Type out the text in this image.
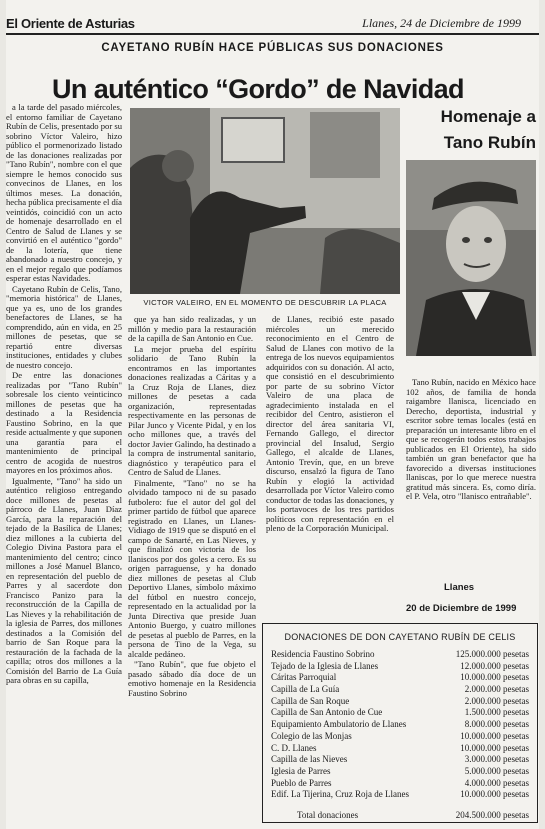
El Oriente de Asturias	Llanes, 24 de Diciembre de 1999
CAYETANO RUBÍN HACE PÚBLICAS SUS DONACIONES
Un auténtico “Gordo” de Navidad
Homenaje a
Tano Rubín

a la tarde del pasado miércoles, el entorno familiar de Cayetano Rubín de Celis, presentado por su sobrino Víctor Valeiro, hizo público el pormenorizado listado de las donaciones realizadas por "Tano Rubín", nombre con el que siempre le hemos conocido sus convecinos de Llanes, en los últimos meses. La donación, hecha pública precisamente el día veintidós, coincidió con un acto de homenaje desarrollado en el Centro de Salud de Llanes y se convirtió en el auténtico "gordo" de la lotería, que tiene abandonado a nuestro concejo, y en el mejor regalo que podíamos esperar estas Navidades.

Cayetano Rubín de Celis, Tano, "memoria histórica" de Llanes, que ya es, uno de los grandes benefactores de Llanes, se ha comprendido, aún en vida, en 25 millones de pesetas, que se repartió entre diversas instituciones, entidades y clubes de nuestro concejo.

De entre las donaciones realizadas por "Tano Rubín" sobresale los ciento veinticinco millones de pesetas que ha destinado a la Residencia Faustino Sobrino, en la que reside actualmente y que suponen una garantía para el mantenimiento de principal centro de acogida de nuestros mayores en los próximos años.

Igualmente, "Tano" ha sido un auténtico religioso entregando doce millones de pesetas al párroco de Llanes, Juan Díaz García, para la reparación del tejado de la Basílica de Llanes; diez millones a la cubierta del Colegio Divina Pastora para el mantenimiento del centro; cinco millones a José Manuel Blanco, en representación del pueblo de Parres y al sacerdote don Francisco Panizo para la reconstrucción de la Capilla de Las Nieves y la rehabilitación de la iglesia de Parres, dos millones destinados a la Comisión del barrio de San Roque para la restauración de la fachada de la capilla; otros dos millones a la Comisión del Barrio de La Guía para obras en su capilla,

VICTOR VALEIRO, EN EL MOMENTO DE DESCUBRIR LA PLACA

que ya han sido realizadas, y un millón y medio para la restauración de la capilla de San Antonio en Cue.

La mejor prueba del espíritu solidario de Tano Rubín la encontramos en las importantes donaciones realizadas a Cáritas y a la Cruz Roja de Llanes, diez millones de pesetas a cada organización, representadas respectivamente en las personas de Pilar Junco y Vicente Pidal, y en los ocho millones que, a través del doctor Javier Galindo, ha destinado a la compra de instrumental sanitario, diagnóstico y terapéutico para el Centro de Salud de Llanes.

Finalmente, "Tano" no se ha olvidado tampoco ni de su pasado futbolero: fue el autor del gol del primer partido de fútbol que aparece registrado en Llanes, un Llanes-Vidiago de 1919 que se disputó en el campo de Sanarté, en Las Nieves, y que finalizó con victoria de los llaniscos por dos goles a cero. Es su origen parraguense, y ha donado diez millones de pesetas al Club Deportivo Llanes, símbolo máximo del fútbol en nuestro concejo, representado en la actualidad por la Junta Directiva que preside Juan Antonio Buergo, y cuatro millones de pesetas al pueblo de Parres, en la persona de Tino de la Vega, su alcalde pedáneo.

"Tano Rubín", que fue objeto el pasado sábado día doce de un emotivo homenaje en la Residencia Faustino Sobrino

de Llanes, recibió este pasado miércoles un merecido reconocimiento en el Centro de Salud de Llanes con motivo de la entrega de los nuevos equipamientos adquiridos con su donación. Al acto, que consistió en el descubrimiento por parte de su sobrino Víctor Valeiro de una placa de agradecimiento instalada en el recibidor del Centro, asistieron el director del área sanitaria VI, Fernando Gallego, el director provincial del Insalud, Sergio Gallego, el alcalde de Llanes, Antonio Trevín, que, en un breve discurso, ensalzó la figura de Tano Rubín y elogió la actividad desarrollada por Víctor Valeiro como conductor de todas las donaciones, y los portavoces de los tres partidos políticos con representación en el pleno de la Corporación Municipal.

Tano Rubín, nacido en México hace 102 años, de familia de honda raigambre llanisca, licenciado en Derecho, deportista, industrial y escritor sobre temas locales (está en preparación un interesante libro en el que se recogerán todos estos trabajos publicados en El Oriente), ha sido también un gran benefactor que ha favorecido a diversas instituciones llaniscas, por lo que merece nuestra gratitud más sincera. Es, como diría. el P. Vela, otro "llanisco entrañable".

Llanes
20 de Diciembre de 1999
DONACIONES DE DON CAYETANO RUBÍN DE CELIS
Residencia Faustino Sobrino	125.000.000 pesetas
Tejado de la Iglesia de Llanes	12.000.000 pesetas
Cáritas Parroquial	10.000.000 pesetas
Capilla de La Guía	2.000.000 pesetas
Capilla de San Roque	2.000.000 pesetas
Capilla de San Antonio de Cue	1.500.000 pesetas
Equipamiento Ambulatorio de Llanes	8.000.000 pesetas
Colegio de las Monjas	10.000.000 pesetas
C. D. Llanes	10.000.000 pesetas
Capilla de las Nieves	3.000.000 pesetas
Iglesia de Parres	5.000.000 pesetas
Pueblo de Parres	4.000.000 pesetas
Edif. La Tijerina, Cruz Roja de Llanes	10.000.000 pesetas
Total donaciones	204.500.000 pesetas
